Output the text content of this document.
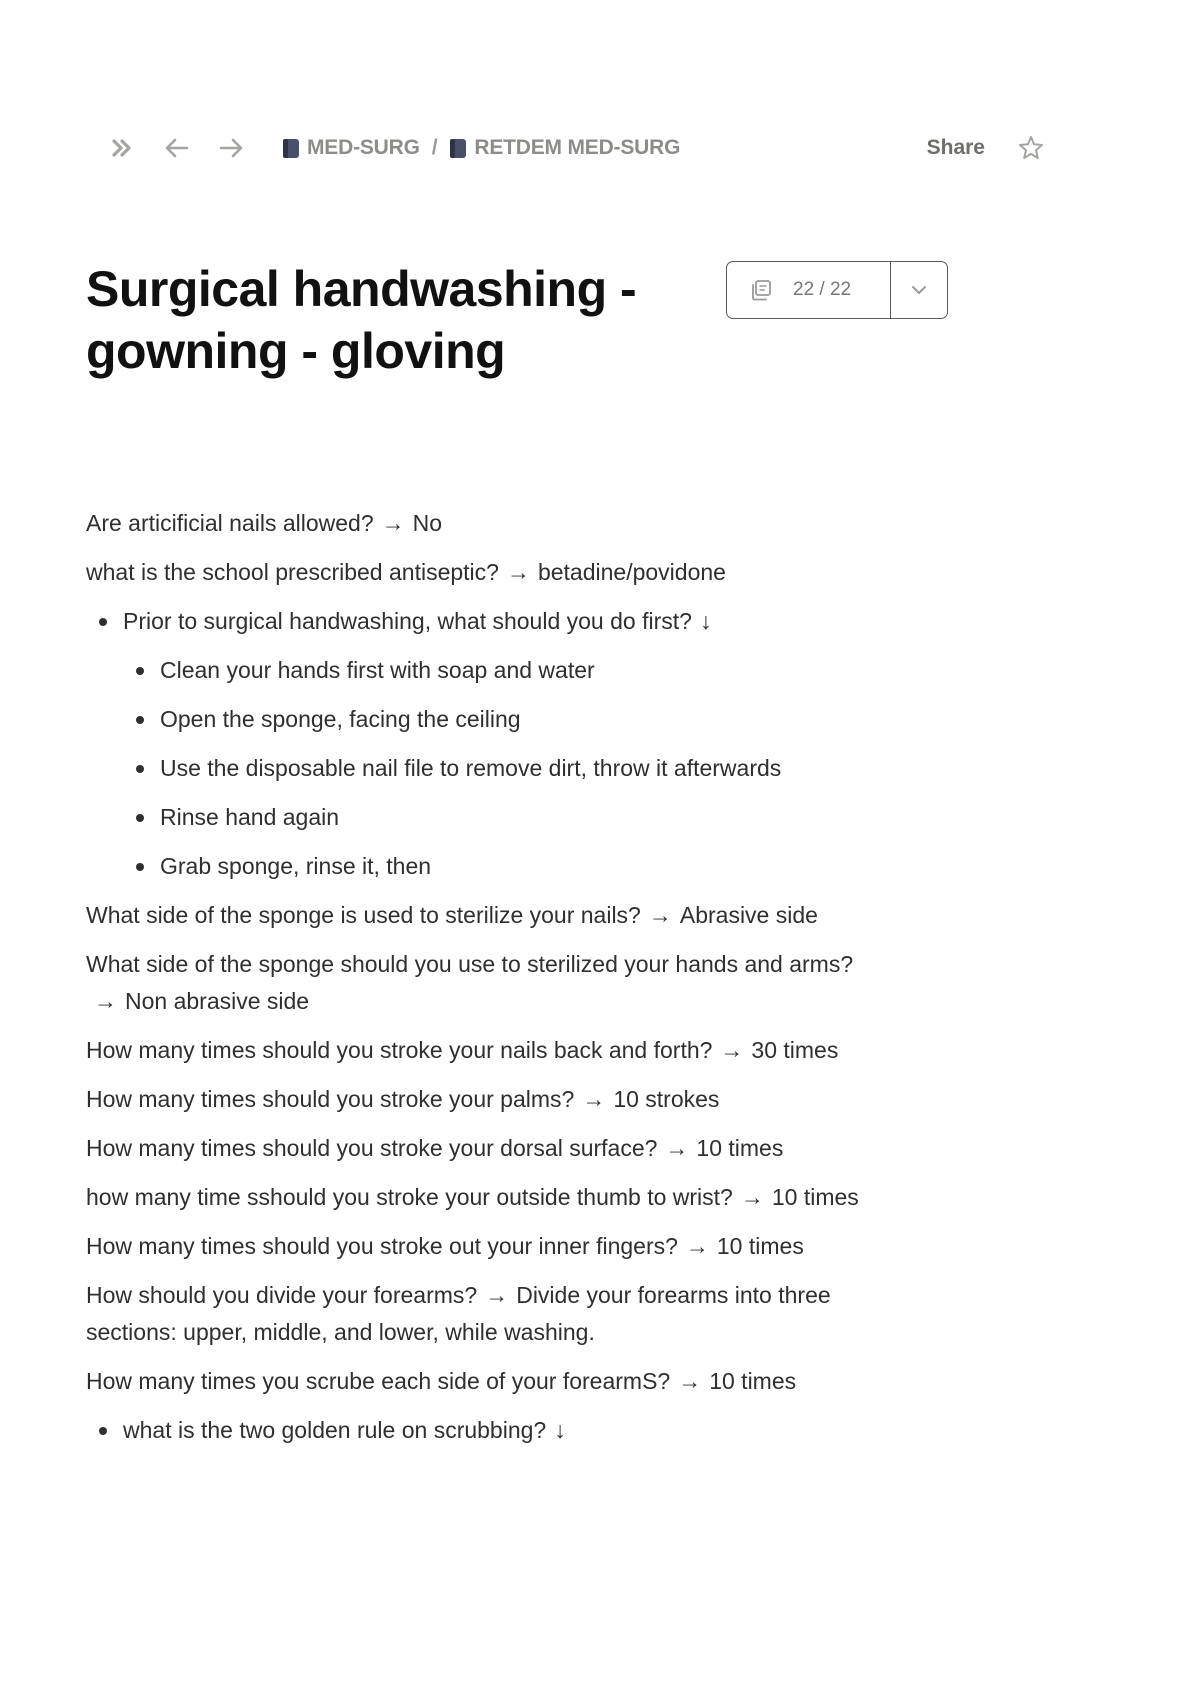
MED-SURG / RETDEM MED-SURG	Share
Surgical handwashing - gowning - gloving
22 / 22

Are articificial nails allowed? → No

what is the school prescribed antiseptic? → betadine/povidone

Prior to surgical handwashing, what should you do first? ↓
Clean your hands first with soap and water
Open the sponge, facing the ceiling
Use the disposable nail file to remove dirt, throw it afterwards
Rinse hand again
Grab sponge, rinse it, then

What side of the sponge is used to sterilize your nails? → Abrasive side

What side of the sponge should you use to sterilized your hands and arms?→ Non abrasive side

How many times should you stroke your nails back and forth? → 30 times

How many times should you stroke your palms? → 10 strokes

How many times should you stroke your dorsal surface? → 10 times

how many time sshould you stroke your outside thumb to wrist? → 10 times

How many times should you stroke out your inner fingers? → 10 times

How should you divide your forearms? → Divide your forearms into three sections: upper, middle, and lower, while washing.

How many times you scrube each side of your forearmS? → 10 times

what is the two golden rule on scrubbing? ↓
